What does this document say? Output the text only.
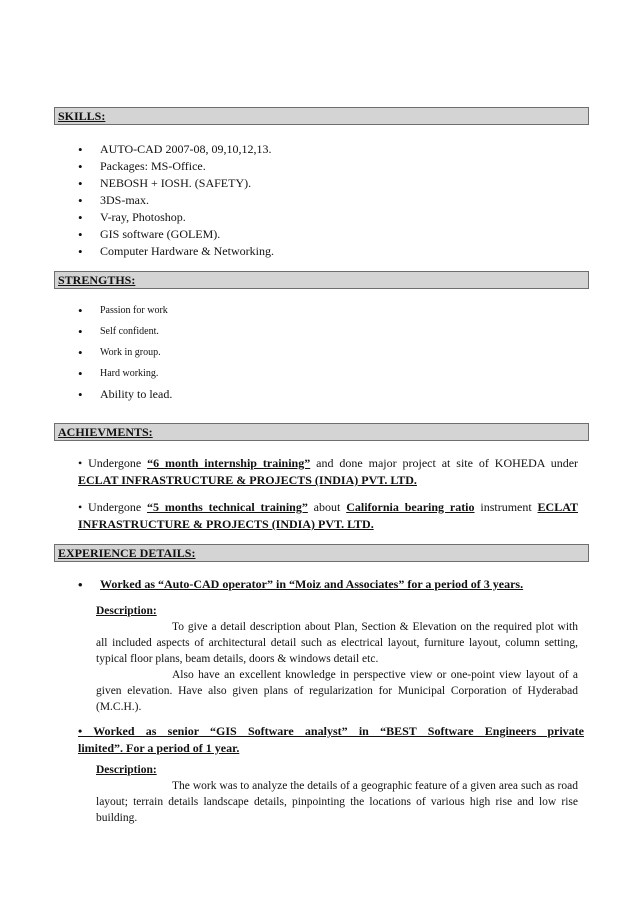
SKILLS:
• AUTO-CAD 2007-08, 09,10,12,13.
• Packages: MS-Office.
• NEBOSH + IOSH. (SAFETY).
• 3DS-max.
• V-ray, Photoshop.
• GIS software (GOLEM).
• Computer Hardware & Networking.
STRENGTHS:
• Passion for work
• Self confident.
• Work in group.
• Hard working.
• Ability to lead.
ACHIEVMENTS:
• Undergone “6 month internship training” and done major project at site of KOHEDA under ECLAT INFRASTRUCTURE & PROJECTS (INDIA) PVT. LTD.
• Undergone “5 months technical training” about California bearing ratio instrument ECLAT INFRASTRUCTURE & PROJECTS (INDIA) PVT. LTD.
EXPERIENCE DETAILS:
• Worked as “Auto-CAD operator” in “Moiz and Associates” for a period of 3 years.
Description:
To give a detail description about Plan, Section & Elevation on the required plot with all included aspects of architectural detail such as electrical layout, furniture layout, column setting, typical floor plans, beam details, doors & windows detail etc.
Also have an excellent knowledge in perspective view or one-point view layout of a given elevation. Have also given plans of regularization for Municipal Corporation of Hyderabad (M.C.H.).
• Worked as senior “GIS Software analyst” in “BEST Software Engineers private
limited”. For a period of 1 year.
Description:
The work was to analyze the details of a geographic feature of a given area such as road layout; terrain details landscape details, pinpointing the locations of various high rise and low rise building.
